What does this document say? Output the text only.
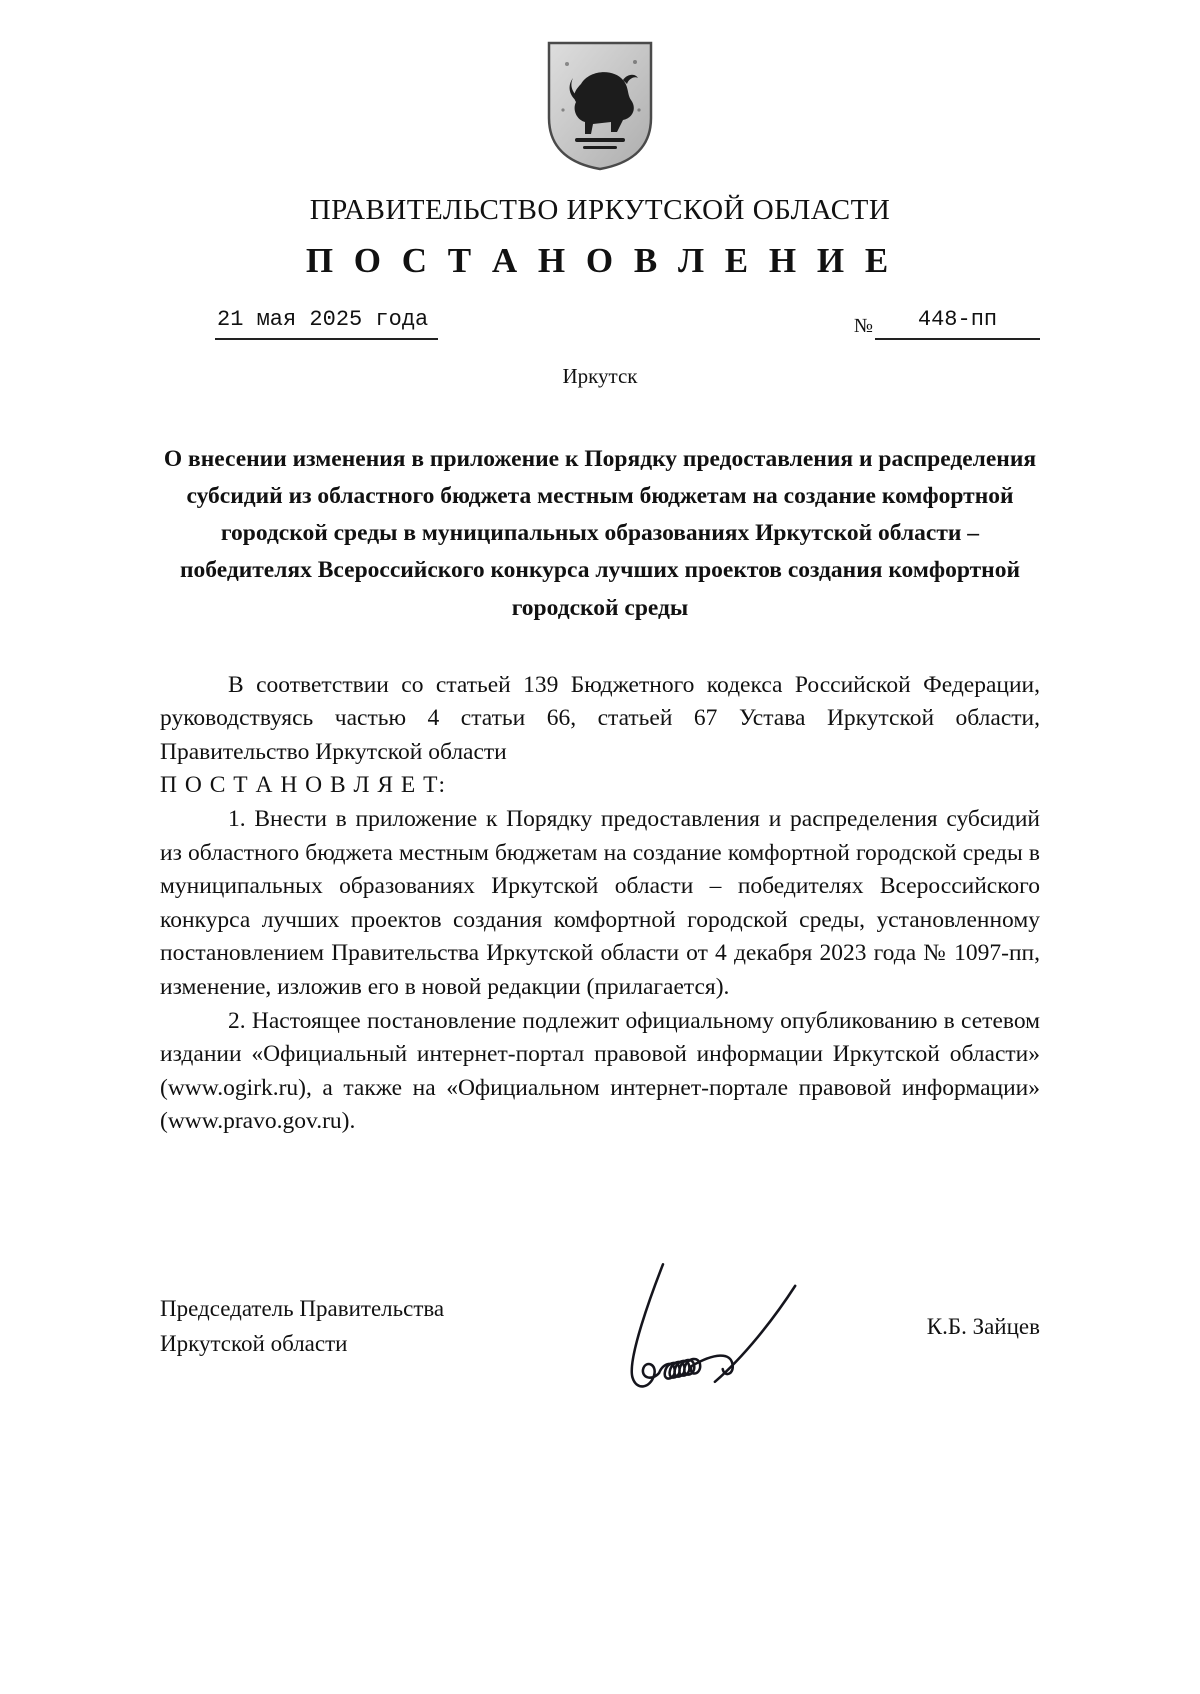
ПРАВИТЕЛЬСТВО ИРКУТСКОЙ ОБЛАСТИ
П О С Т А Н О В Л Е Н И Е
21 мая 2025 года	№	448-пп
Иркутск
О внесении изменения в приложение к Порядку предоставления и распределения субсидий из областного бюджета местным бюджетам на создание комфортной городской среды в муниципальных образованиях Иркутской области – победителях Всероссийского конкурса лучших проектов создания комфортной городской среды

В соответствии со статьей 139 Бюджетного кодекса Российской Федерации, руководствуясь частью 4 статьи 66, статьей 67 Устава Иркутской области, Правительство Иркутской области

П О С Т А Н О В Л Я Е Т:

1. Внести в приложение к Порядку предоставления и распределения субсидий из областного бюджета местным бюджетам на создание комфортной городской среды в муниципальных образованиях Иркутской области – победителях Всероссийского конкурса лучших проектов создания комфортной городской среды, установленному постановлением Правительства Иркутской области от 4 декабря 2023 года № 1097-пп, изменение, изложив его в новой редакции (прилагается).

2. Настоящее постановление подлежит официальному опубликованию в сетевом издании «Официальный интернет-портал правовой информации Иркутской области» (www.ogirk.ru), а также на «Официальном интернет-портале правовой информации» (www.pravo.gov.ru).

Председатель Правительства
Иркутской области
К.Б. Зайцев
